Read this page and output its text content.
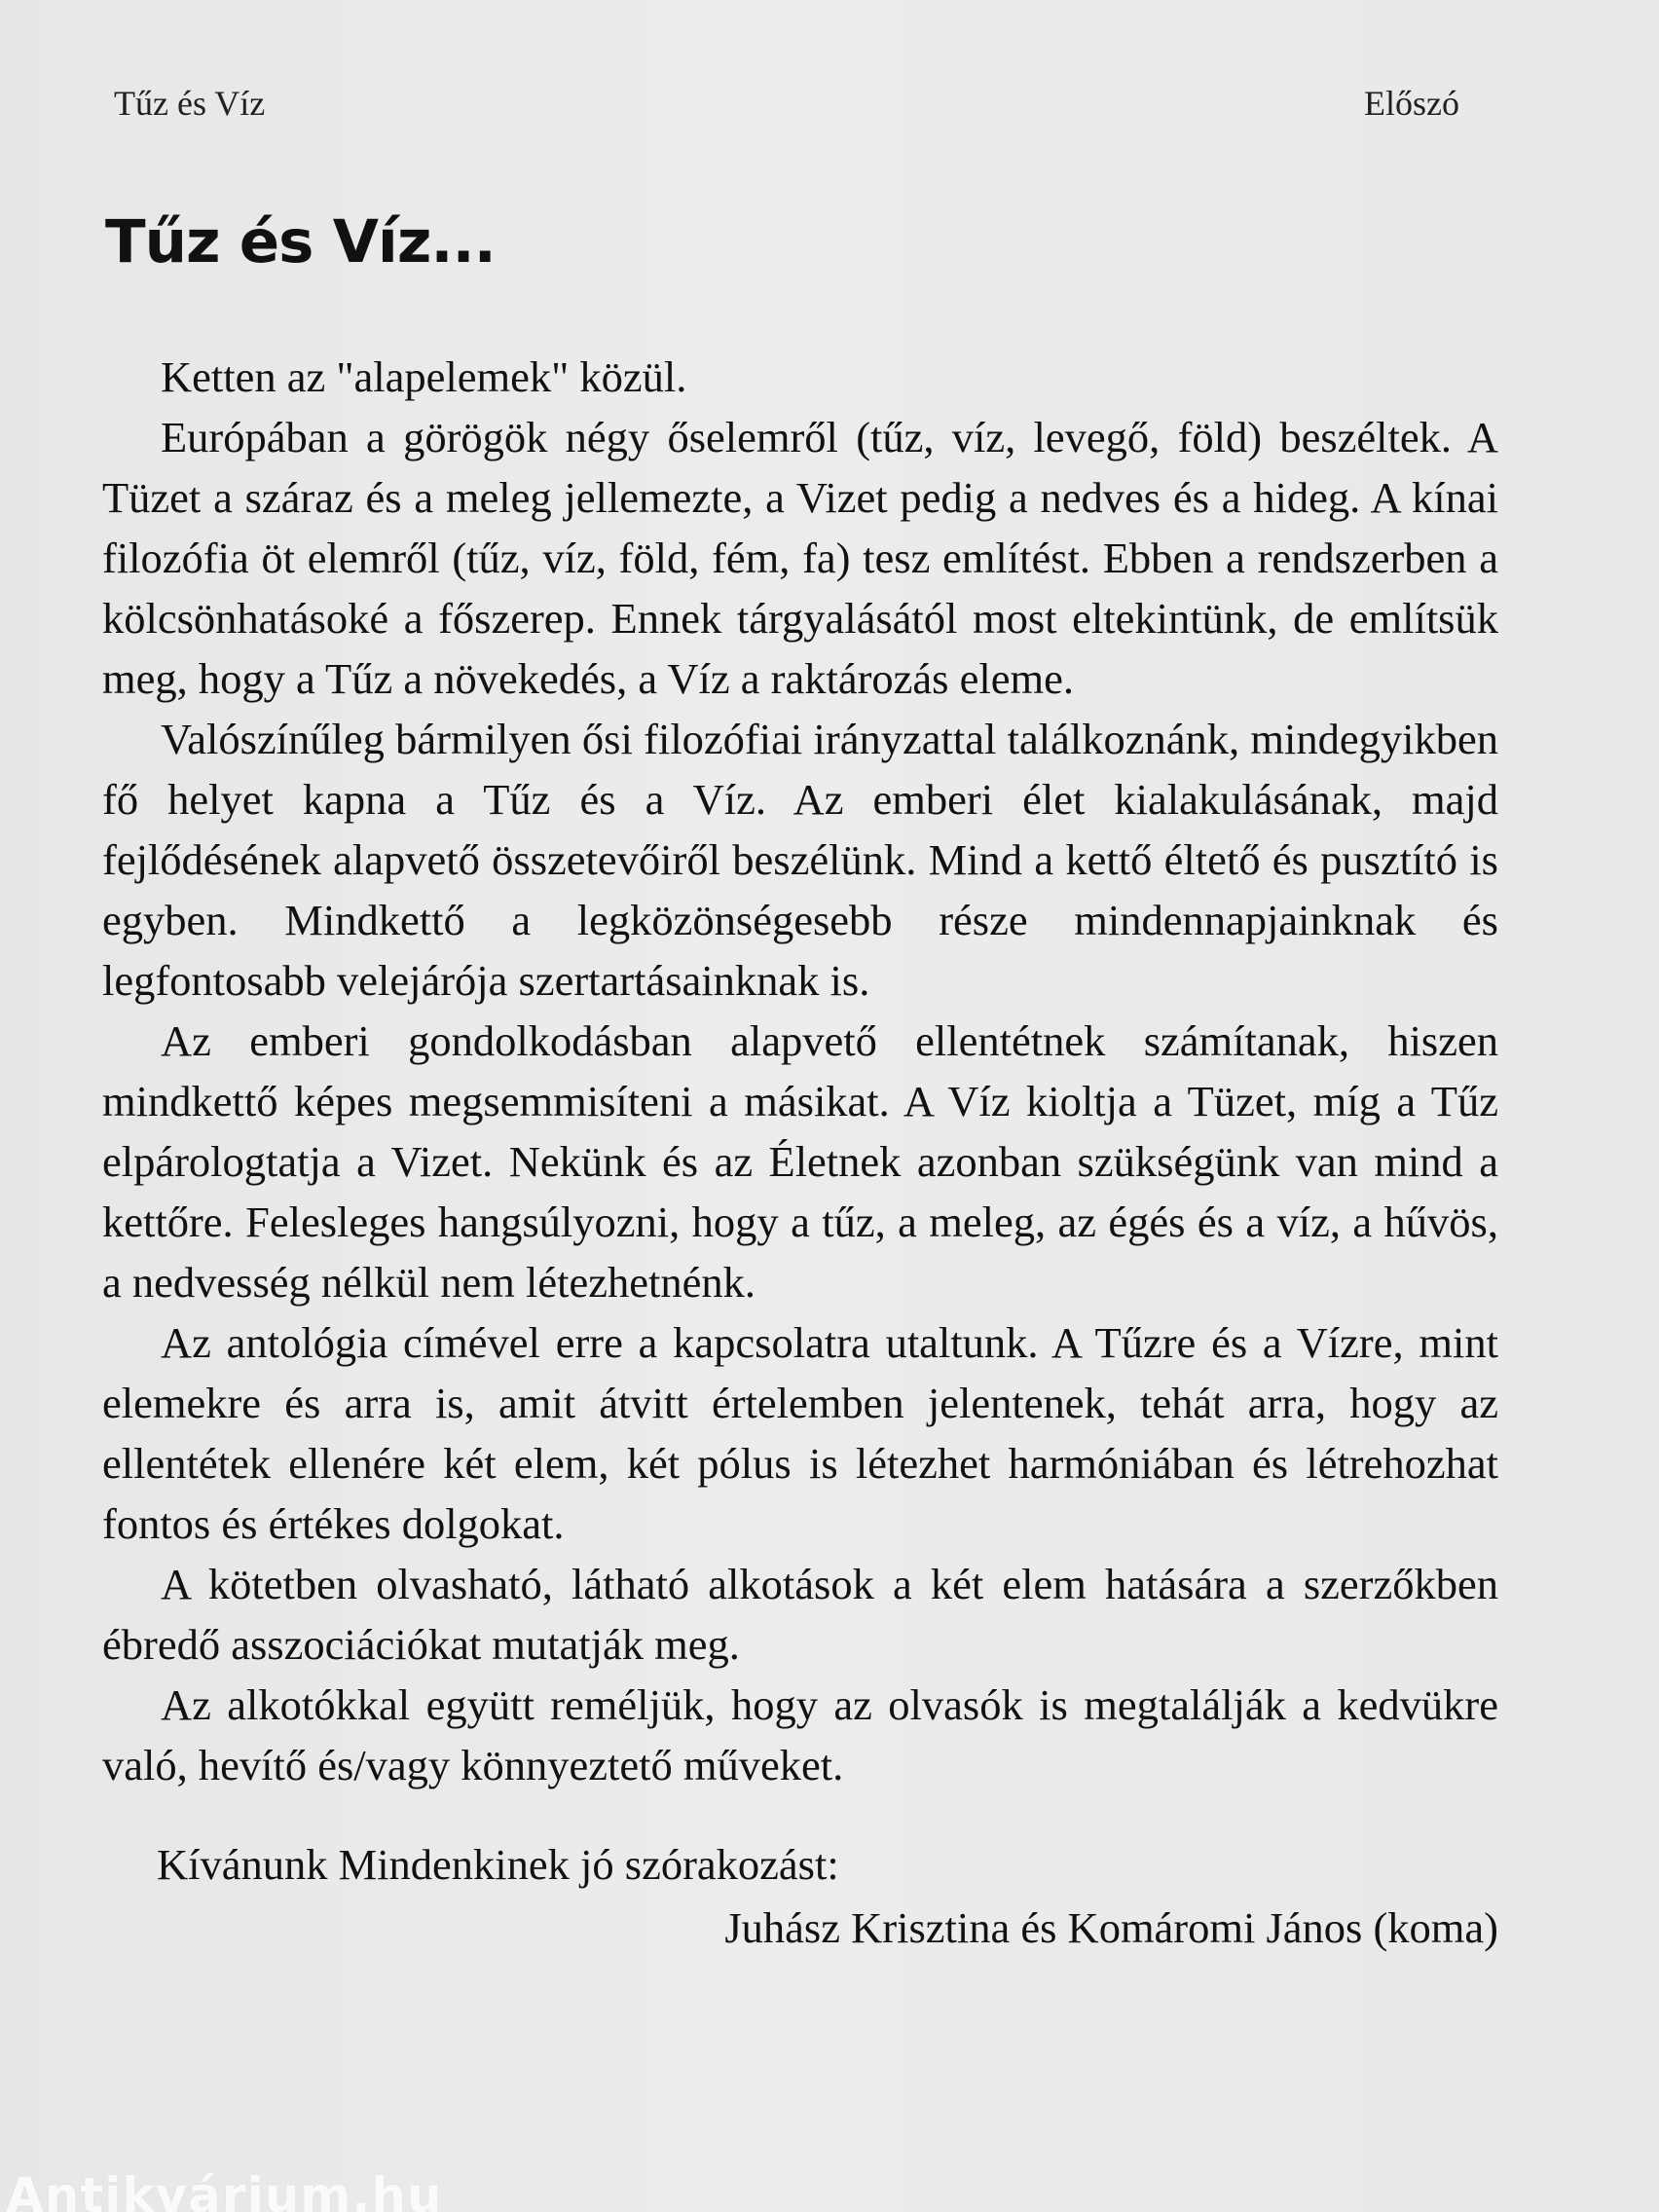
Tűz és Víz	Előszó
Tűz és Víz...

Ketten az "alapelemek" közül.

Európában a görögök négy őselemről (tűz, víz, levegő, föld) beszéltek. A Tüzet a száraz és a meleg jellemezte, a Vizet pedig a nedves és a hideg. A kínai filozófia öt elemről (tűz, víz, föld, fém, fa) tesz említést. Ebben a rendszerben a kölcsönhatásoké a főszerep. Ennek tárgyalásától most eltekintünk, de említsük meg, hogy a Tűz a növekedés, a Víz a raktározás eleme.

Valószínűleg bármilyen ősi filozófiai irányzattal találkoznánk, mindegyikben fő helyet kapna a Tűz és a Víz. Az emberi élet kialakulásának, majd fejlődésének alapvető összetevőiről beszélünk. Mind a kettő éltető és pusztító is egyben. Mindkettő a legközönségesebb része mindennapjainknak és legfontosabb velejárója szertartásainknak is.

Az emberi gondolkodásban alapvető ellentétnek számítanak, hiszen mindkettő képes megsemmisíteni a másikat. A Víz kioltja a Tüzet, míg a Tűz elpárologtatja a Vizet. Nekünk és az Életnek azonban szükségünk van mind a kettőre. Felesleges hangsúlyozni, hogy a tűz, a meleg, az égés és a víz, a hűvös, a nedvesség nélkül nem létezhetnénk.

Az antológia címével erre a kapcsolatra utaltunk. A Tűzre és a Vízre, mint elemekre és arra is, amit átvitt értelemben jelentenek, tehát arra, hogy az ellentétek ellenére két elem, két pólus is létezhet harmóniában és létrehozhat fontos és értékes dolgokat.

A kötetben olvasható, látható alkotások a két elem hatására a szerzőkben ébredő asszociációkat mutatják meg.

Az alkotókkal együtt reméljük, hogy az olvasók is megtalálják a kedvükre való, hevítő és/vagy könnyeztető műveket.

Kívánunk Mindenkinek jó szórakozást:

Juhász Krisztina és Komáromi János (koma)

Antikvárium.hu
